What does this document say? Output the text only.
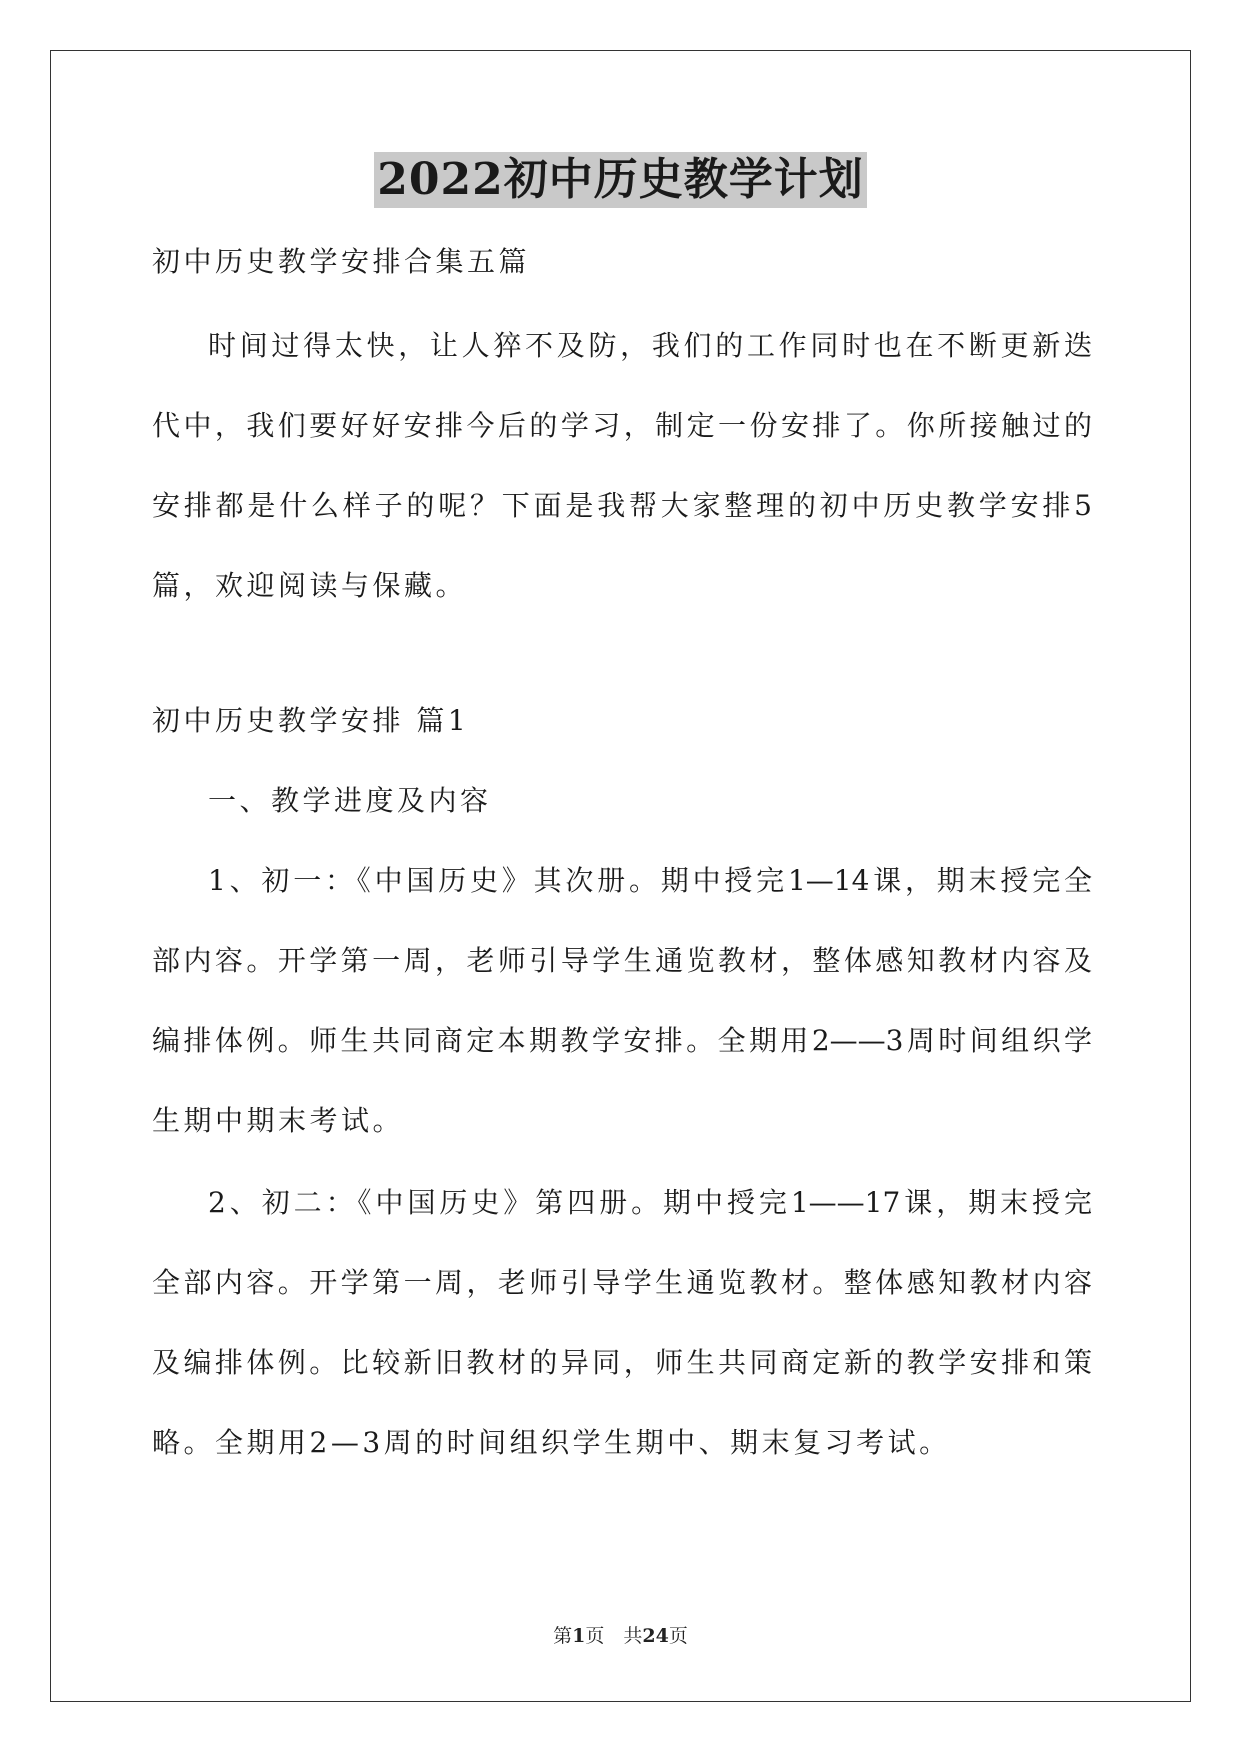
2022初中历史教学计划
初中历史教学安排合集五篇
时间过得太快，让人猝不及防，我们的工作同时也在不断更新迭
代中，我们要好好安排今后的学习，制定一份安排了。你所接触过的
安排都是什么样子的呢？下面是我帮大家整理的初中历史教学安排5
篇，欢迎阅读与保藏。
初中历史教学安排 篇1
一、教学进度及内容
1、初一：《中国历史》其次册。期中授完1—14课，期末授完全
部内容。开学第一周，老师引导学生通览教材，整体感知教材内容及
编排体例。师生共同商定本期教学安排。全期用2——3周时间组织学
生期中期末考试。
2、初二：《中国历史》第四册。期中授完1——17课，期末授完
全部内容。开学第一周，老师引导学生通览教材。整体感知教材内容
及编排体例。比较新旧教材的异同，师生共同商定新的教学安排和策
略。全期用2—3周的时间组织学生期中、期末复习考试。
第1页　共24页
